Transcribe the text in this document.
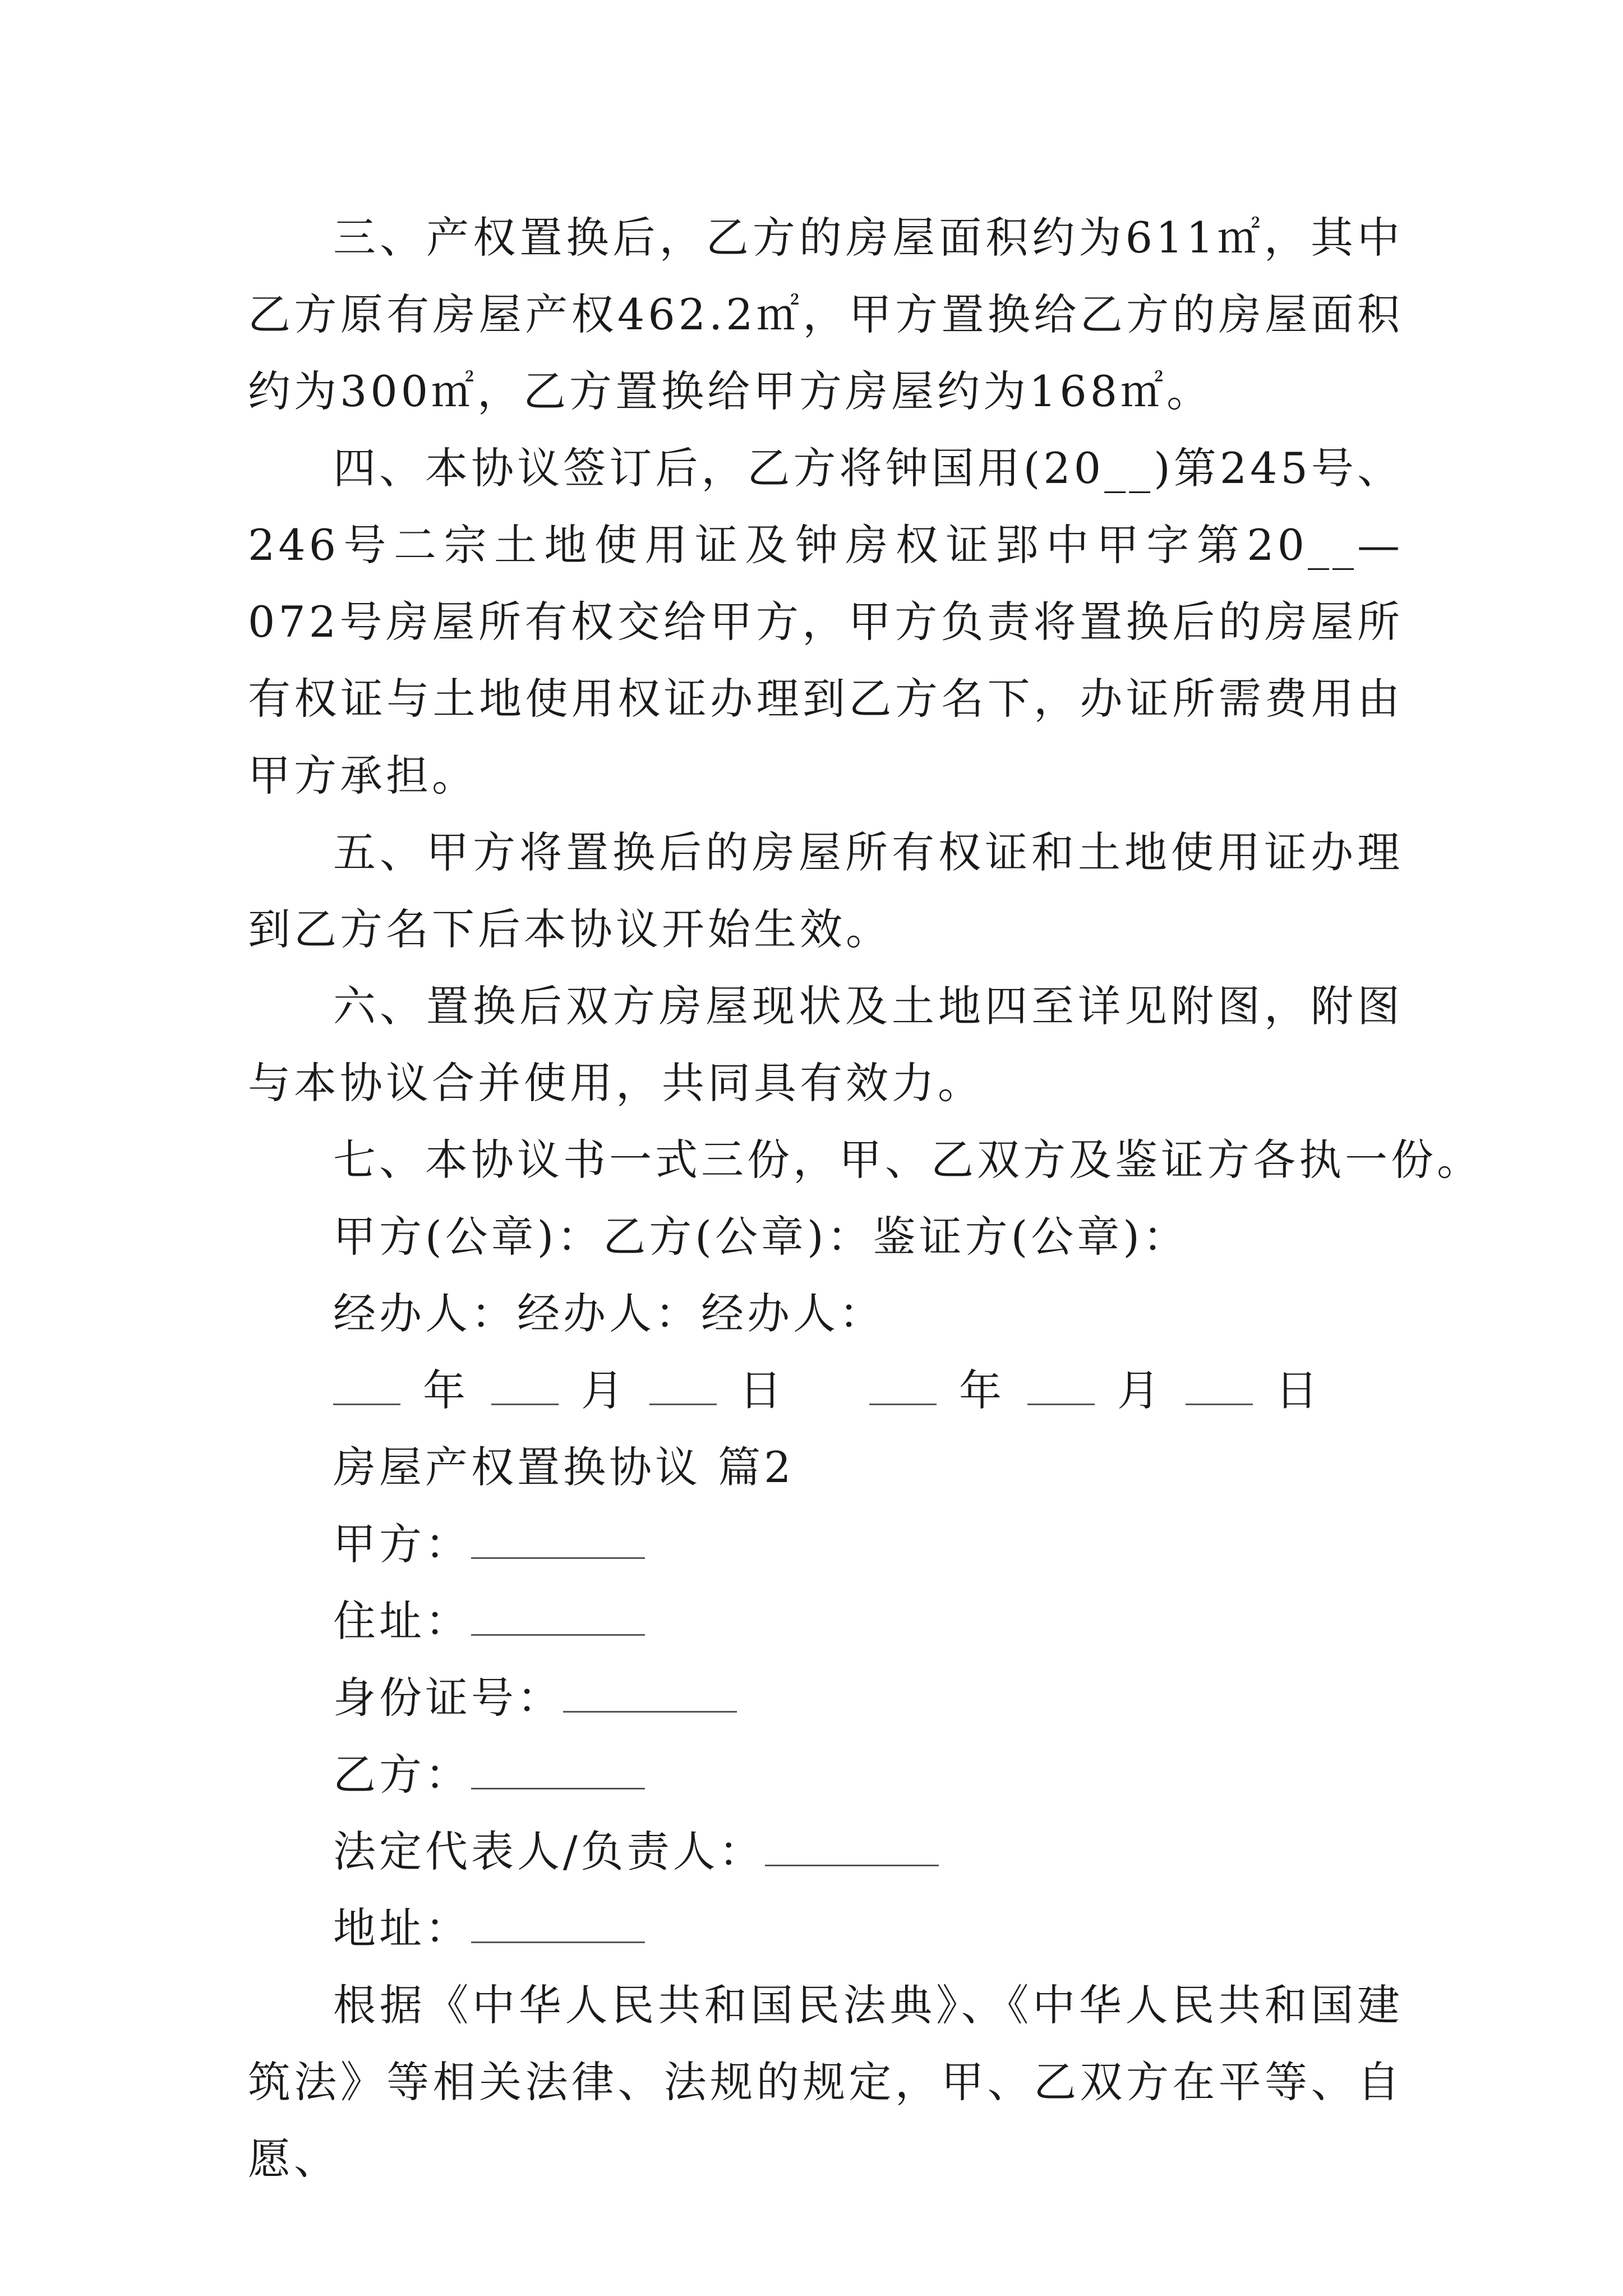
三、产权置换后，乙方的房屋面积约为611㎡，其中乙方原有房屋产权462.2㎡，甲方置换给乙方的房屋面积约为300㎡，乙方置换给甲方房屋约为168㎡。

四、本协议签订后，乙方将钟国用(20__)第245号、246号二宗土地使用证及钟房权证郢中甲字第20__—072号房屋所有权交给甲方，甲方负责将置换后的房屋所有权证与土地使用权证办理到乙方名下，办证所需费用由甲方承担。

五、甲方将置换后的房屋所有权证和土地使用证办理到乙方名下后本协议开始生效。

六、置换后双方房屋现状及土地四至详见附图，附图与本协议合并使用，共同具有效力。

七、本协议书一式三份，甲、乙双方及鉴证方各执一份。

甲方(公章)：乙方(公章)：鉴证方(公章)：

经办人：经办人：经办人：

年	月	日	年	月	日

房屋产权置换协议 篇2

甲方：

住址：

身份证号：

乙方：

法定代表人/负责人：

地址：

根据《中华人民共和国民法典》、《中华人民共和国建筑法》等相关法律、法规的规定，甲、乙双方在平等、自愿、
